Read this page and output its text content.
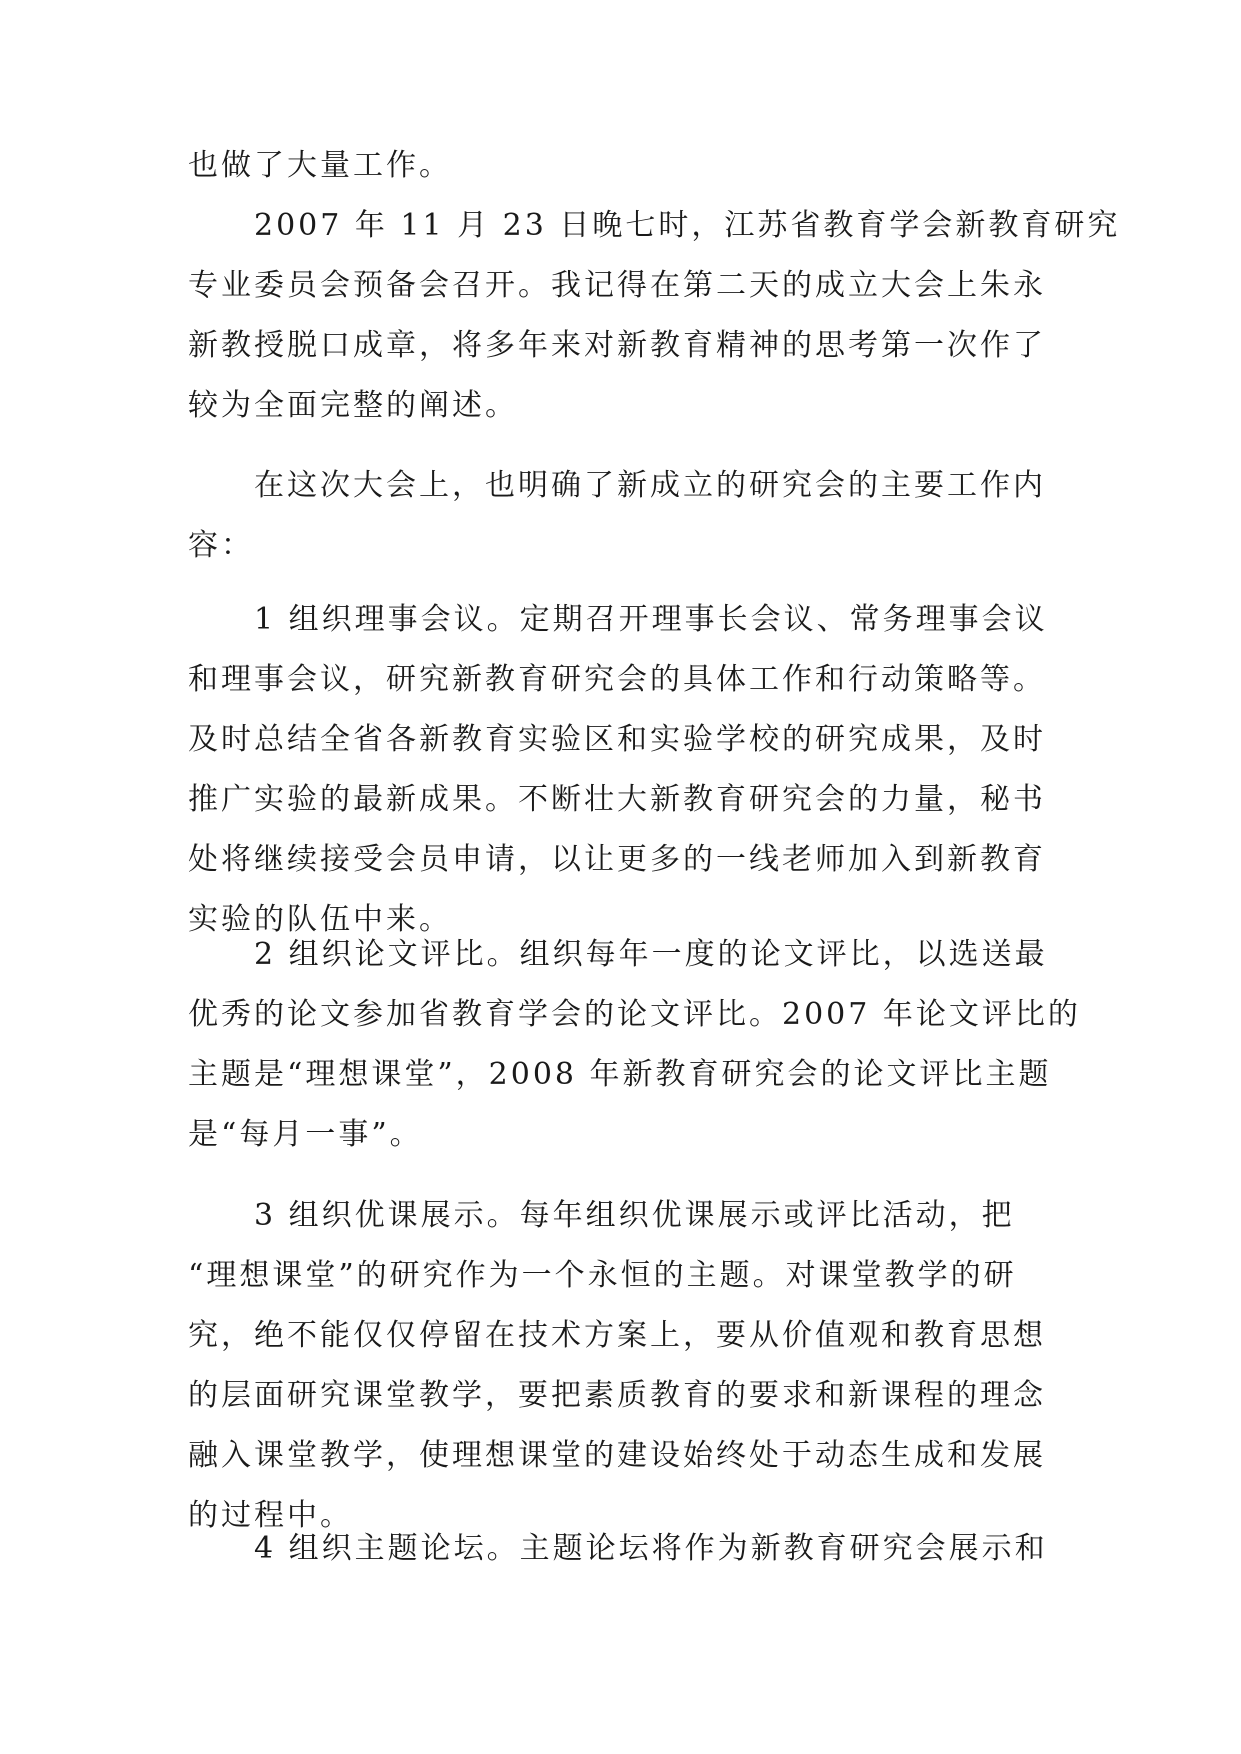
也做了大量工作。

2007 年 11 月 23 日晚七时，江苏省教育学会新教育研究
专业委员会预备会召开。我记得在第二天的成立大会上朱永
新教授脱口成章，将多年来对新教育精神的思考第一次作了
较为全面完整的阐述。

在这次大会上，也明确了新成立的研究会的主要工作内
容：

1 组织理事会议。定期召开理事长会议、常务理事会议
和理事会议，研究新教育研究会的具体工作和行动策略等。
及时总结全省各新教育实验区和实验学校的研究成果，及时
推广实验的最新成果。不断壮大新教育研究会的力量，秘书
处将继续接受会员申请，以让更多的一线老师加入到新教育
实验的队伍中来。

2 组织论文评比。组织每年一度的论文评比，以选送最
优秀的论文参加省教育学会的论文评比。2007 年论文评比的
主题是“理想课堂”，2008 年新教育研究会的论文评比主题
是“每月一事”。

3 组织优课展示。每年组织优课展示或评比活动，把
“理想课堂”的研究作为一个永恒的主题。对课堂教学的研
究，绝不能仅仅停留在技术方案上，要从价值观和教育思想
的层面研究课堂教学，要把素质教育的要求和新课程的理念
融入课堂教学，使理想课堂的建设始终处于动态生成和发展
的过程中。

4 组织主题论坛。主题论坛将作为新教育研究会展示和
